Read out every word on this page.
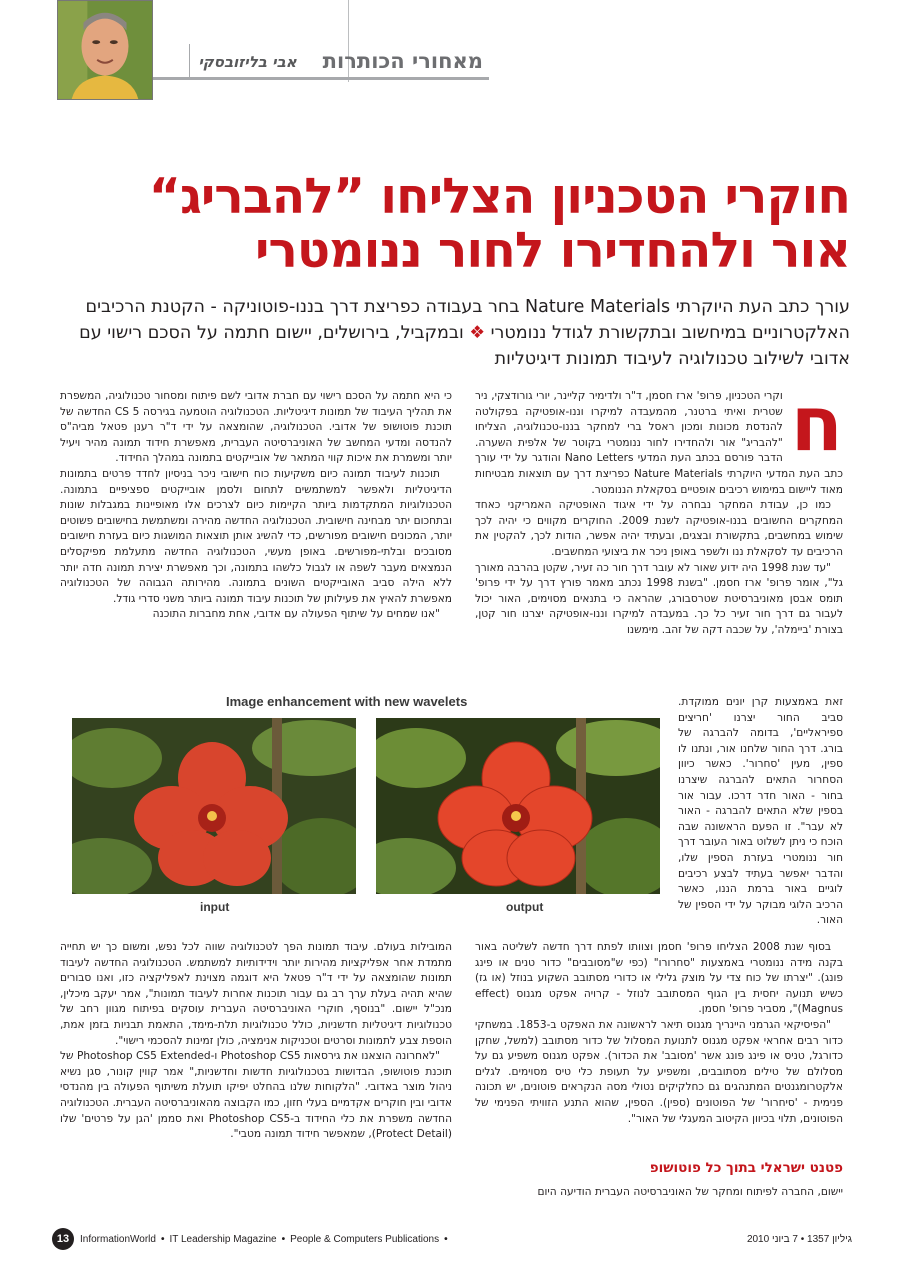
מאחורי הכותרות
אבי בליזובסקי
חוקרי הטכניון הצליחו ”להבריג“
אור ולהחדירו לחור ננומטרי
עורך כתב העת היוקרתי Nature Materials בחר בעבודה כפריצת דרך בננו-פוטוניקה - הקטנת הרכיבים האלקטרוניים במיחשוב ובתקשורת לגודל ננומטרי ❖ ובמקביל, בירושלים, יישום חתמה על הסכם רישוי עם אדובי לשילוב טכנולוגיה לעיבוד תמונות דיגיטליות
ח

וקרי הטכניון, פרופ' ארז חסמן, ד"ר ולדימיר קליינר, יורי גורודצקי, ניר שטרית ואיתי ברטנר, מהמעבדה למיקרו וננו-אופטיקה בפקולטה להנדסת מכונות ומכון ראסל ברי למחקר בננו-טכנולוגיה, הצליחו "להבריג" אור ולהחדירו לחור ננומטרי בקוטר של אלפית השערה. הדבר פורסם בכתב העת המדעי Nano Letters והודגר על ידי עורך כתב העת המדעי היוקרתי Nature Materials כפריצת דרך עם תוצאות מבטיחות מאוד ליישום במימוש רכיבים אופטיים בסקאלת הננומטר.

כמו כן, עבודת המחקר נבחרה על ידי איגוד האופטיקה האמריקני כאחד המחקרים החשובים בננו-אופטיקה לשנת 2009. החוקרים מקווים כי יהיה לכך שימוש במחשבים, בתקשורת ובצגים, ובעתיד יהיה אפשר, הודות לכך, להקטין את הרכיבים עד לסקאלת ננו ולשפר באופן ניכר את ביצועי המחשבים.

"עד שנת 1998 היה ידוע שאור לא עובר דרך חור כה זעיר, שקטן בהרבה מאורך גל", אומר פרופ' ארז חסמן. "בשנת 1998 נכתב מאמר פורץ דרך על ידי פרופ' תומס אבסן מאוניברסיטת שטרסבורג, שהראה כי בתנאים מסוימים, האור יכול לעבור גם דרך חור זעיר כל כך. במעבדה למיקרו וננו-אופטיקה יצרנו חור קטן, בצורת 'ביימלה', על שכבה דקה של זהב. מימשנו

זאת באמצעות קרן יונים ממוקדת. סביב החור יצרנו 'חריצים ספיראליים', בדומה להברגה של בורג. דרך החור שלחנו אור, ונתנו לו ספין, מעין 'סחרור'. כאשר כיוון הסחרור התאים להברגה שיצרנו בחור - האור חדר דרכו. עבור אור בספין שלא התאים להברגה - האור לא עבר". זו הפעם הראשונה שבה הוכח כי ניתן לשלוט באור העובר דרך חור ננומטרי בעזרת הספין שלו, והדבר יאפשר בעתיד לבצע רכיבים לוגיים באור ברמת הננו, כאשר הרכיב הלוגי מבוקר על ידי הספין של האור.

בסוף שנת 2008 הצליחו פרופ' חסמן וצוותו לפתח דרך חדשה לשליטה באור בקנה מידה ננומטרי באמצעות "סחרורו" (כפי ש"מסובבים" כדור טנים או פינג פונג). "יצרתו של כוח צדי על מוצק גלילי או כדורי מסתובב השקוע בנוזל (או גז) כשיש תנועה יחסית בין הגוף המסתובב לנוזל - קרויה אפקט מגנוס (effect Magnus)", מסביר פרופ' חסמן.

"הפיסיקאי הגרמני היינריך מגנוס תיאר לראשונה את האפקט ב-1853. במשחקי כדור רבים אחראי אפקט מגנוס לתנועת המסלול של כדור מסתובב (למשל, שחקן כדורגל, טניס או פינג פונג אשר 'מסובב' את הכדור). אפקט מגנוס משפיע גם על מסלולם של טילים מסתובבים, ומשפיע על תעופת כלי טיס מסוימים. לגלים אלקטרומגנטים המתנהגים גם כחלקיקים נטולי מסה הנקראים פוטונים, יש תכונה פנימית - 'סיחרור' של הפוטונים (ספין). הספין, שהוא התנע הזוויתי הפנימי של הפוטונים, תלוי בכיוון הקיטוב המעגלי של האור".

כי היא חתמה על הסכם רישוי עם חברת אדובי לשם פיתוח ומסחור טכנולוגיה, המשפרת את תהליך העיבוד של תמונות דיגיטליות. הטכנולוגיה הוטמעה בגירסה CS 5 החדשה של תוכנת פוטושופ של אדובי. הטכנולוגיה, שהומצאה על ידי ד"ר רענן פטאל מביה"ס להנדסה ומדעי המחשב של האוניברסיטה העברית, מאפשרת חידוד תמונה מהיר ויעיל יותר ומשמרת את איכות קווי המתאר של אובייקטים בתמונה במהלך החידוד.

תוכנות לעיבוד תמונה כיום משקיעות כוח חישובי ניכר בניסיון לחדד פרטים בתמונות הדיגיטליות ולאפשר למשתמשים לתחום ולסמן אובייקטים ספציפיים בתמונה. הטכנולוגיות המתקדמות ביותר הקיימות כיום לצרכים אלו מאופיינות במגבלות שונות ובתחכום יתר מבחינה חישובית. הטכנולוגיה החדשה מהירה ומשתמשת בחישובים פשוטים יותר, המכונים חישובים מפורשים, כדי להשיג אותן תוצאות המושגות כיום בעזרת חישובים מסובכים ובלתי-מפורשים. באופן מעשי, הטכנולוגיה החדשה מתעלמת מפיקסלים הנמצאים מעבר לשפה או לגבול כלשהו בתמונה, וכך מאפשרת יצירת תמונה חדה יותר ללא הילה סביב האובייקטים השונים בתמונה. מהירותה הגבוהה של הטכנולוגיה מאפשרת להאיץ את פעילותן של תוכנות עיבוד תמונה ביותר משני סדרי גודל.

"אנו שמחים על שיתוף הפעולה עם אדובי, אחת מחברות התוכנה

המובילות בעולם. עיבוד תמונות הפך לטכנולוגיה שווה לכל נפש, ומשום כך יש תחייה מתמדת אחר אפליקציות מהירות יותר וידידותיות למשתמש. הטכנולוגיה החדשה לעיבוד תמונות שהומצאה על ידי ד"ר פטאל היא דוגמה מצוינת לאפליקציה כזו, ואנו סבורים שהיא תהיה בעלת ערך רב גם עבור תוכנות אחרות לעיבוד תמונות", אמר יעקב מיכלין, מנכ"ל יישום. "בנוסף, חוקרי האוניברסיטה העברית עוסקים בפיתוח מגוון רחב של טכנולוגיות דיגיטליות חדשניות, כולל טכנולוגיות תלת-מימד, התאמת תבניות בזמן אמת, הוספת צבע לתמונות וסרטים וטכניקות אנימציה, כולן זמינות להסכמי רישוי".

"לאחרונה הוצאנו את גירסאות Photoshop CS5 ו-Photoshop CS5 Extended של תוכנת פוטושופ, הבדושות בטכנולוגיות חדשות וחדשניות," אמר קווין קונור, סגן נשיא ניהול מוצר באדובי. "הלקוחות שלנו בהחלט יפיקו תועלת משיתוף הפעולה בין מהנדסי אדובי ובין חוקרים אקדמיים בעלי חזון, כמו הקבוצה מהאוניברסיטה העברית. הטכנולוגיה החדשה משפרת את כלי החידוד ב-Photoshop CS5 ואת סממן 'הגן על פרטים' שלו (Protect Detail), שמאפשר חידוד תמונה מטבי".

Image enhancement with new wavelets
input	output
פטנט ישראלי בתוך כל פוטושופ
יישום, החברה לפיתוח ומחקר של האוניברסיטה העברית הודיעה היום
13	InformationWorld • IT Leadership Magazine • People & Computers Publications •	גיליון 1357 • 7 ביוני 2010
